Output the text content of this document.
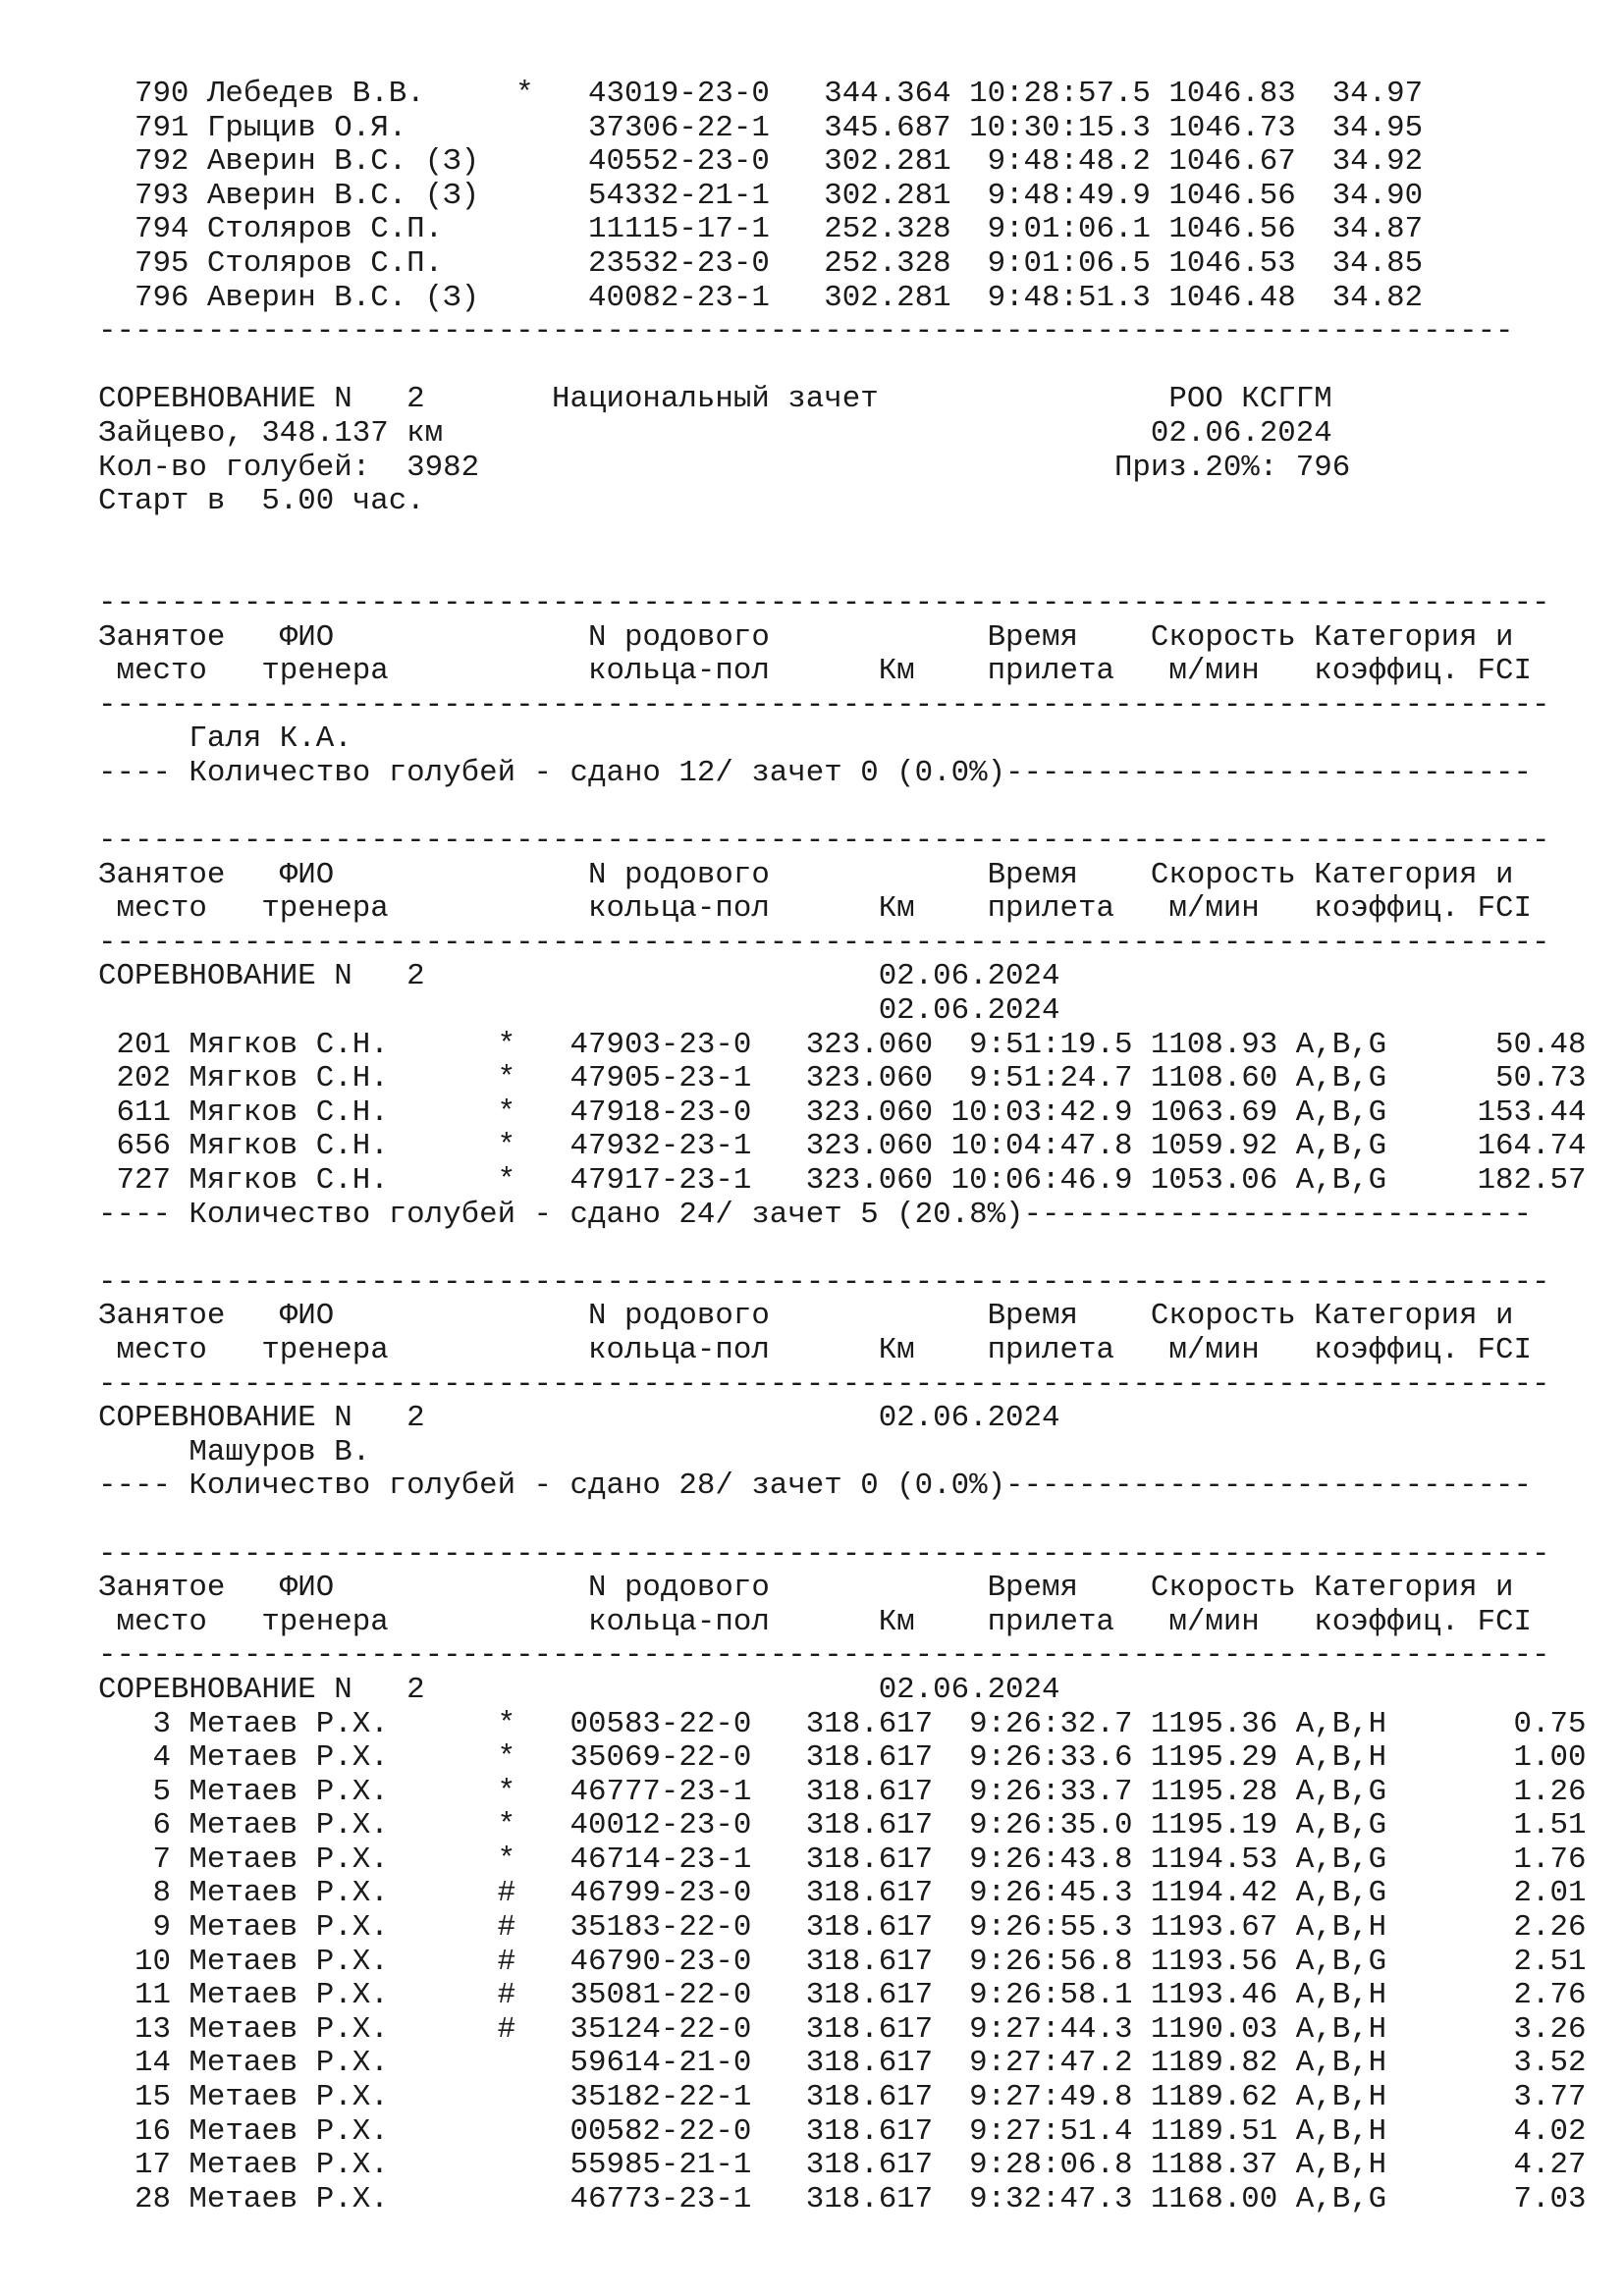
790 Лебедев В.В.     *   43019-23-0   344.364 10:28:57.5 1046.83  34.97
791 Грыцив О.Я.          37306-22-1   345.687 10:30:15.3 1046.73  34.95
792 Аверин В.С. (З)      40552-23-0   302.281  9:48:48.2 1046.67  34.92
793 Аверин В.С. (З)      54332-21-1   302.281  9:48:49.9 1046.56  34.90
794 Столяров С.П.        11115-17-1   252.328  9:01:06.1 1046.56  34.87
795 Столяров С.П.        23532-23-0   252.328  9:01:06.5 1046.53  34.85
796 Аверин В.С. (З)      40082-23-1   302.281  9:48:51.3 1046.48  34.82
------------------------------------------------------------------------------
СОРЕВНОВАНИЕ N   2       Национальный зачет                РОО КСГГМ
Зайцево, 348.137 км                                       02.06.2024
Кол-во голубей:  3982                                   Приз.20%: 796
Старт в  5.00 час.
--------------------------------------------------------------------------------
Занятое   ФИО              N родового            Время    Скорость Категория и
место   тренера           кольца-пол      Км    прилета   м/мин   коэффиц. FCI
--------------------------------------------------------------------------------
Галя К.А.
---- Количество голубей - сдано 12/ зачет 0 (0.0%)-----------------------------
--------------------------------------------------------------------------------
Занятое   ФИО              N родового            Время    Скорость Категория и
место   тренера           кольца-пол      Км    прилета   м/мин   коэффиц. FCI
--------------------------------------------------------------------------------
СОРЕВНОВАНИЕ N   2                         02.06.2024
02.06.2024
201 Мягков С.Н.      *   47903-23-0   323.060  9:51:19.5 1108.93 A,B,G      50.48
202 Мягков С.Н.      *   47905-23-1   323.060  9:51:24.7 1108.60 A,B,G      50.73
611 Мягков С.Н.      *   47918-23-0   323.060 10:03:42.9 1063.69 A,B,G     153.44
656 Мягков С.Н.      *   47932-23-1   323.060 10:04:47.8 1059.92 A,B,G     164.74
727 Мягков С.Н.      *   47917-23-1   323.060 10:06:46.9 1053.06 A,B,G     182.57
---- Количество голубей - сдано 24/ зачет 5 (20.8%)----------------------------
--------------------------------------------------------------------------------
Занятое   ФИО              N родового            Время    Скорость Категория и
место   тренера           кольца-пол      Км    прилета   м/мин   коэффиц. FCI
--------------------------------------------------------------------------------
СОРЕВНОВАНИЕ N   2                         02.06.2024
Машуров В.
---- Количество голубей - сдано 28/ зачет 0 (0.0%)-----------------------------
--------------------------------------------------------------------------------
Занятое   ФИО              N родового            Время    Скорость Категория и
место   тренера           кольца-пол      Км    прилета   м/мин   коэффиц. FCI
--------------------------------------------------------------------------------
СОРЕВНОВАНИЕ N   2                         02.06.2024
3 Метаев Р.Х.      *   00583-22-0   318.617  9:26:32.7 1195.36 A,B,H       0.75
4 Метаев Р.Х.      *   35069-22-0   318.617  9:26:33.6 1195.29 A,B,H       1.00
5 Метаев Р.Х.      *   46777-23-1   318.617  9:26:33.7 1195.28 A,B,G       1.26
6 Метаев Р.Х.      *   40012-23-0   318.617  9:26:35.0 1195.19 A,B,G       1.51
7 Метаев Р.Х.      *   46714-23-1   318.617  9:26:43.8 1194.53 A,B,G       1.76
8 Метаев Р.Х.      #   46799-23-0   318.617  9:26:45.3 1194.42 A,B,G       2.01
9 Метаев Р.Х.      #   35183-22-0   318.617  9:26:55.3 1193.67 A,B,H       2.26
10 Метаев Р.Х.      #   46790-23-0   318.617  9:26:56.8 1193.56 A,B,G       2.51
11 Метаев Р.Х.      #   35081-22-0   318.617  9:26:58.1 1193.46 A,B,H       2.76
13 Метаев Р.Х.      #   35124-22-0   318.617  9:27:44.3 1190.03 A,B,H       3.26
14 Метаев Р.Х.          59614-21-0   318.617  9:27:47.2 1189.82 A,B,H       3.52
15 Метаев Р.Х.          35182-22-1   318.617  9:27:49.8 1189.62 A,B,H       3.77
16 Метаев Р.Х.          00582-22-0   318.617  9:27:51.4 1189.51 A,B,H       4.02
17 Метаев Р.Х.          55985-21-1   318.617  9:28:06.8 1188.37 A,B,H       4.27
28 Метаев Р.Х.          46773-23-1   318.617  9:32:47.3 1168.00 A,B,G       7.03
